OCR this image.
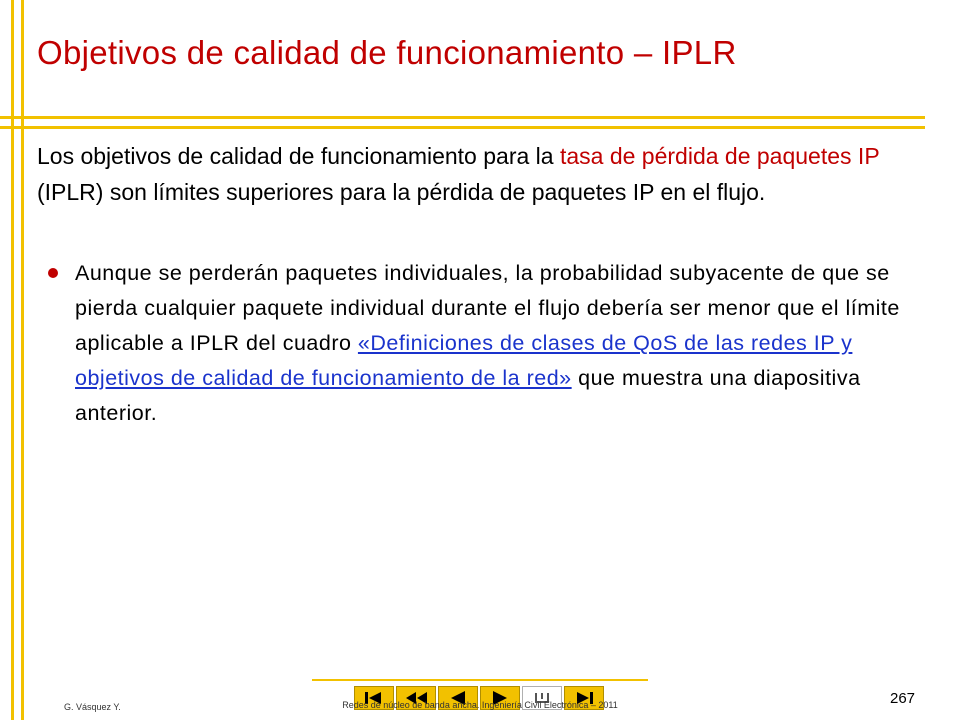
Objetivos de calidad de funcionamiento – IPLR
Los objetivos de calidad de funcionamiento para la tasa de pérdida de paquetes IP (IPLR) son límites superiores para la pérdida de paquetes IP en el flujo.
Aunque se perderán paquetes individuales, la probabilidad subyacente de que se pierda cualquier paquete individual durante el flujo debería ser menor que el límite aplicable a IPLR del cuadro «Definiciones de clases de QoS de las redes IP y objetivos de calidad de funcionamiento de la red» que muestra una diapositiva anterior.
G. Vásquez Y.	Redes de núcleo de banda ancha. Ingeniería Civil Electrónica – 2011	267
